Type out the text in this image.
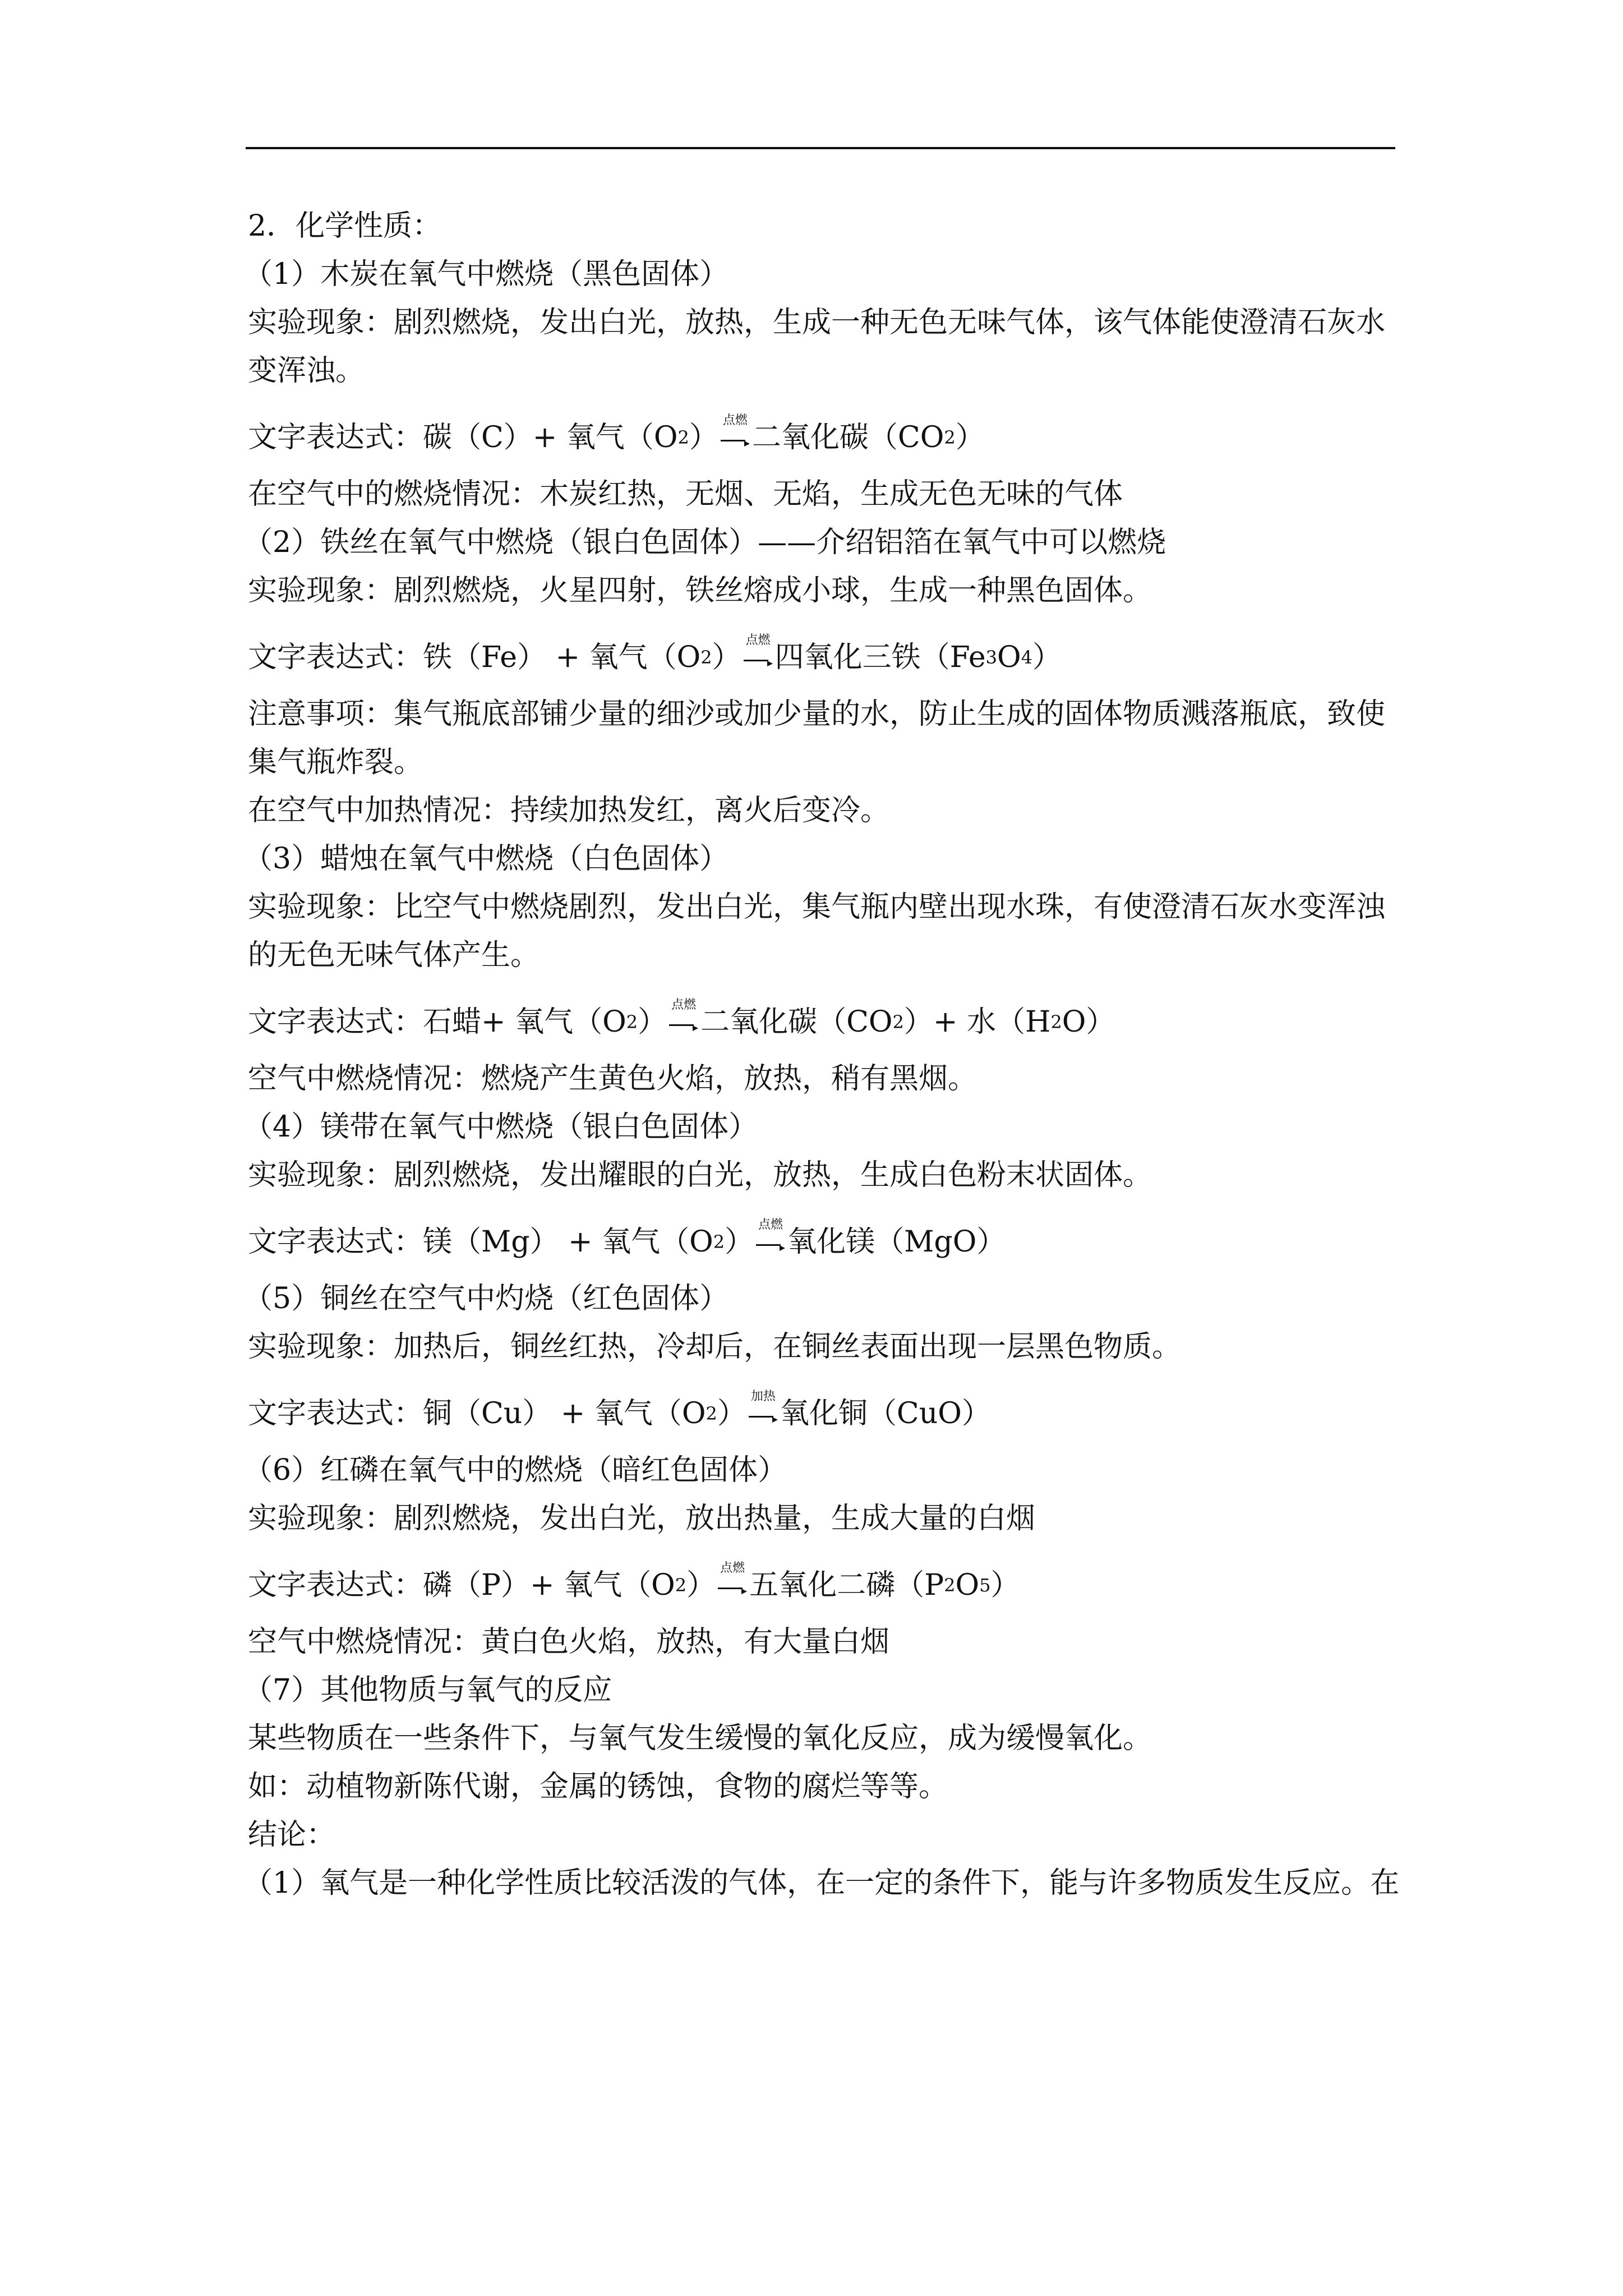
2．化学性质：
（1）木炭在氧气中燃烧（黑色固体）
实验现象：剧烈燃烧，发出白光，放热，生成一种无色无味气体，该气体能使澄清石灰水变浑浊。
文字表达式：碳（C）+ 氧气（O 2 ）
点燃
二氧化碳（CO 2 ）
在空气中的燃烧情况：木炭红热，无烟、无焰，生成无色无味的气体
（2）铁丝在氧气中燃烧（银白色固体）——介绍铝箔在氧气中可以燃烧
实验现象：剧烈燃烧，火星四射，铁丝熔成小球，生成一种黑色固体。
文字表达式：铁（Fe） + 氧气（O 2 ）
点燃
四氧化三铁（Fe 3 O 4 ）
注意事项：集气瓶底部铺少量的细沙或加少量的水，防止生成的固体物质溅落瓶底，致使集气瓶炸裂。
在空气中加热情况：持续加热发红，离火后变冷。
（3）蜡烛在氧气中燃烧（白色固体）
实验现象：比空气中燃烧剧烈，发出白光，集气瓶内壁出现水珠，有使澄清石灰水变浑浊的无色无味气体产生。
文字表达式：石蜡+ 氧气（O 2 ）
点燃
二氧化碳（CO 2 ）+ 水（H 2 O）
空气中燃烧情况：燃烧产生黄色火焰，放热，稍有黑烟。
（4）镁带在氧气中燃烧（银白色固体）
实验现象：剧烈燃烧，发出耀眼的白光，放热，生成白色粉末状固体。
文字表达式：镁（Mg） + 氧气（O 2 ）
点燃
氧化镁（MgO）
（5）铜丝在空气中灼烧（红色固体）
实验现象：加热后，铜丝红热，冷却后，在铜丝表面出现一层黑色物质。
文字表达式：铜（Cu） + 氧气（O 2 ）
加热
氧化铜（CuO）
（6）红磷在氧气中的燃烧（暗红色固体）
实验现象：剧烈燃烧，发出白光，放出热量，生成大量的白烟
文字表达式：磷（P）+ 氧气（O 2 ）
点燃
五氧化二磷（P 2 O 5 ）
空气中燃烧情况：黄白色火焰，放热，有大量白烟
（7）其他物质与氧气的反应
某些物质在一些条件下，与氧气发生缓慢的氧化反应，成为缓慢氧化。
如：动植物新陈代谢，金属的锈蚀，食物的腐烂等等。
结论：
（1）氧气是一种化学性质比较活泼的气体，在一定的条件下，能与许多物质发生反应。在
